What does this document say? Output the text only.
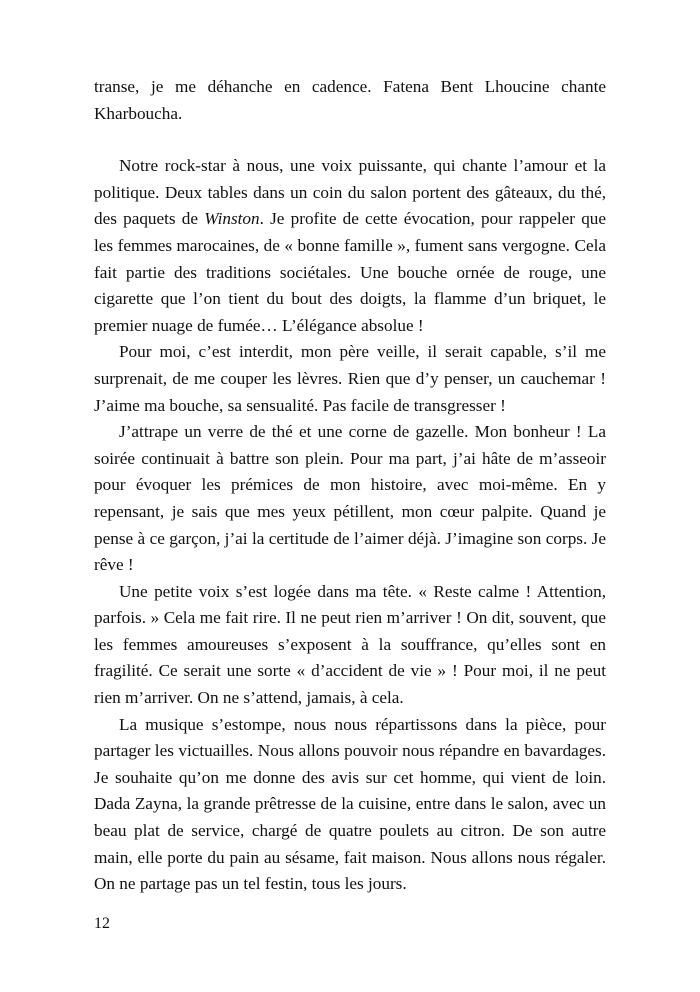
transe, je me déhanche en cadence. Fatena Bent Lhoucine chante Kharboucha.

Notre rock-star à nous, une voix puissante, qui chante l’amour et la politique. Deux tables dans un coin du salon portent des gâteaux, du thé, des paquets de Winston. Je profite de cette évocation, pour rappeler que les femmes marocaines, de « bonne famille », fument sans vergogne. Cela fait partie des traditions sociétales. Une bouche ornée de rouge, une cigarette que l’on tient du bout des doigts, la flamme d’un briquet, le premier nuage de fumée… L’élégance absolue !

Pour moi, c’est interdit, mon père veille, il serait capable, s’il me surprenait, de me couper les lèvres. Rien que d’y penser, un cauchemar ! J’aime ma bouche, sa sensualité. Pas facile de transgresser !

J’attrape un verre de thé et une corne de gazelle. Mon bonheur ! La soirée continuait à battre son plein. Pour ma part, j’ai hâte de m’asseoir pour évoquer les prémices de mon histoire, avec moi-même. En y repensant, je sais que mes yeux pétillent, mon cœur palpite. Quand je pense à ce garçon, j’ai la certitude de l’aimer déjà. J’imagine son corps. Je rêve !

Une petite voix s’est logée dans ma tête. « Reste calme ! Attention, parfois. » Cela me fait rire. Il ne peut rien m’arriver ! On dit, souvent, que les femmes amoureuses s’exposent à la souffrance, qu’elles sont en fragilité. Ce serait une sorte « d’accident de vie » ! Pour moi, il ne peut rien m’arriver. On ne s’attend, jamais, à cela.

La musique s’estompe, nous nous répartissons dans la pièce, pour partager les victuailles. Nous allons pouvoir nous répandre en bavardages. Je souhaite qu’on me donne des avis sur cet homme, qui vient de loin. Dada Zayna, la grande prêtresse de la cuisine, entre dans le salon, avec un beau plat de service, chargé de quatre poulets au citron. De son autre main, elle porte du pain au sésame, fait maison. Nous allons nous régaler. On ne partage pas un tel festin, tous les jours.

12
